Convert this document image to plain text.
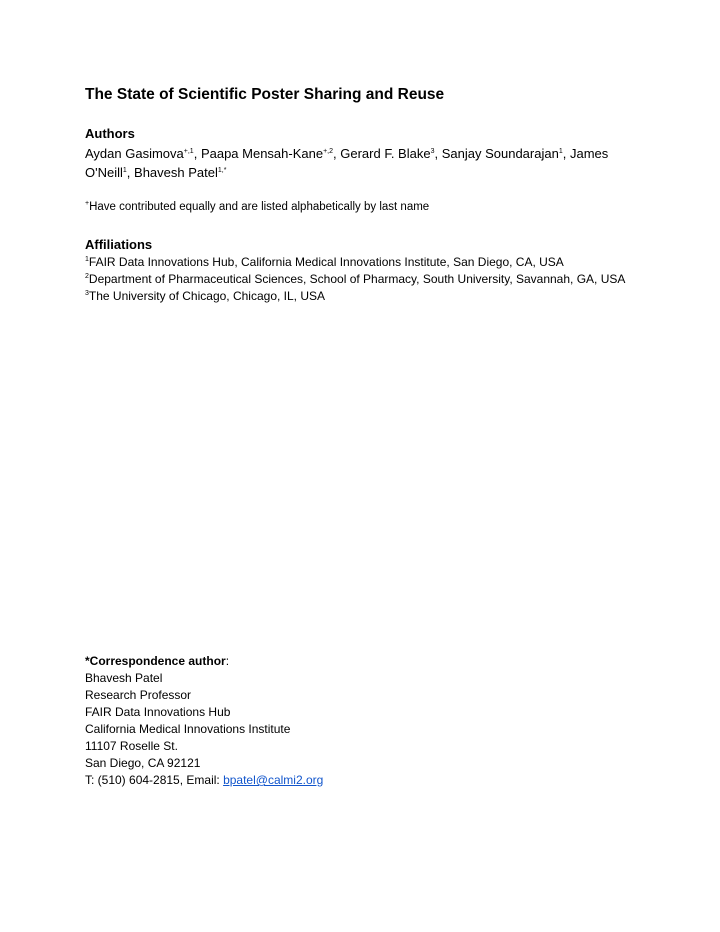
The State of Scientific Poster Sharing and Reuse
Authors
Aydan Gasimova$^{+,1}$, Paapa Mensah-Kane$^{+,2}$, Gerard F. Blake$^3$, Sanjay Soundarajan$^1$, James O'Neill$^1$, Bhavesh Patel$^{1,*}$
+Have contributed equally and are listed alphabetically by last name
Affiliations
$^1$FAIR Data Innovations Hub, California Medical Innovations Institute, San Diego, CA, USA
$^2$Department of Pharmaceutical Sciences, School of Pharmacy, South University, Savannah, GA, USA
$^3$The University of Chicago, Chicago, IL, USA
*Correspondence author:
Bhavesh Patel
Research Professor
FAIR Data Innovations Hub
California Medical Innovations Institute
11107 Roselle St.
San Diego, CA 92121
T: (510) 604-2815, Email: bpatel@calmi2.org
